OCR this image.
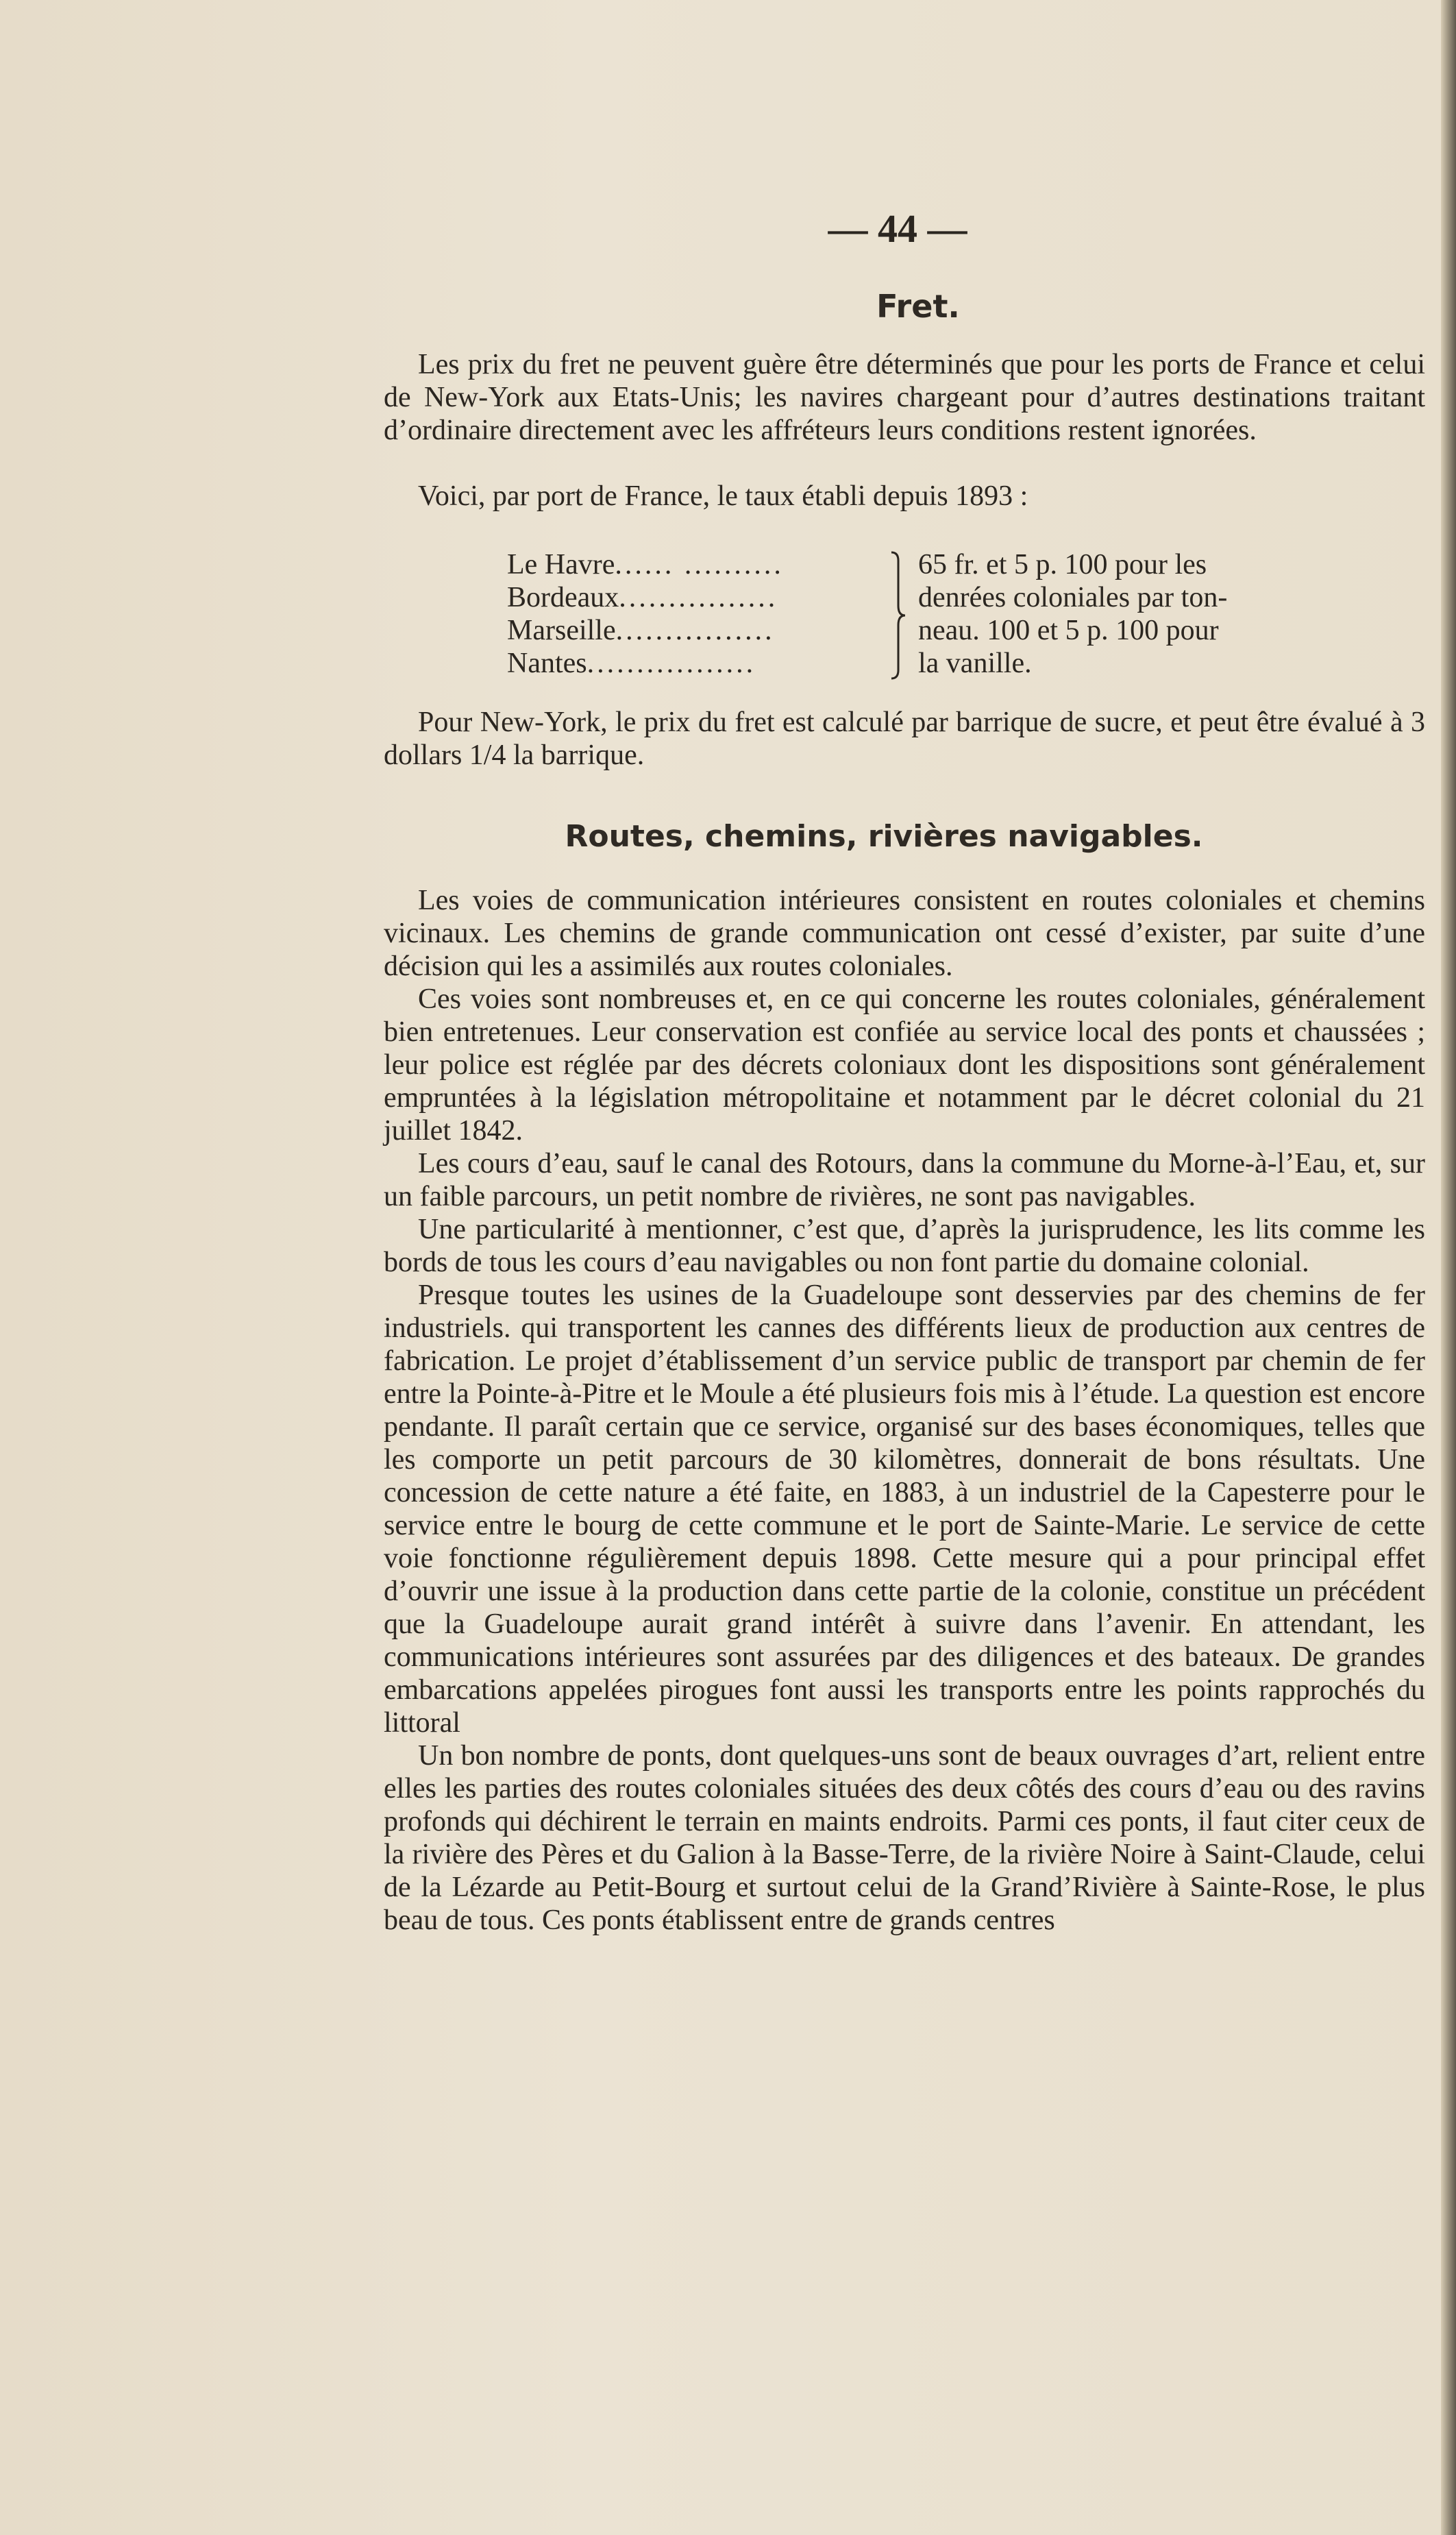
— 44 —
Fret.

Les prix du fret ne peuvent guère être déterminés que pour les ports de France et celui de New-York aux Etats-Unis; les navires chargeant pour d’autres destinations traitant d’ordinaire directement avec les affréteurs leurs conditions restent ignorées.

Voici, par port de France, le taux établi depuis 1893 :

Le Havre ...... ..........
Bordeaux ................
Marseille ................
Nantes .................
65 fr. et 5 p. 100 pour les
denrées coloniales par ton-
neau. 100 et 5 p. 100 pour
la vanille.

Pour New-York, le prix du fret est calculé par barrique de sucre, et peut être évalué à 3 dollars 1/4 la barrique.

Routes, chemins, rivières navigables.

Les voies de communication intérieures consistent en routes coloniales et chemins vicinaux. Les chemins de grande communication ont cessé d’exister, par suite d’une décision qui les a assimilés aux routes coloniales.

Ces voies sont nombreuses et, en ce qui concerne les routes coloniales, généralement bien entretenues. Leur conservation est confiée au service local des ponts et chaussées ; leur police est réglée par des décrets coloniaux dont les dispositions sont généralement empruntées à la législation métropolitaine et notamment par le décret colonial du 21 juillet 1842.

Les cours d’eau, sauf le canal des Rotours, dans la commune du Morne-à-l’Eau, et, sur un faible parcours, un petit nombre de rivières, ne sont pas navigables.

Une particularité à mentionner, c’est que, d’après la jurisprudence, les lits comme les bords de tous les cours d’eau navigables ou non font partie du domaine colonial.

Presque toutes les usines de la Guadeloupe sont desservies par des chemins de fer industriels. qui transportent les cannes des différents lieux de production aux centres de fabrication. Le projet d’établissement d’un service public de transport par chemin de fer entre la Pointe-à-Pitre et le Moule a été plusieurs fois mis à l’étude. La question est encore pendante. Il paraît certain que ce service, organisé sur des bases économiques, telles que les comporte un petit parcours de 30 kilomètres, donnerait de bons résultats. Une concession de cette nature a été faite, en 1883, à un industriel de la Capesterre pour le service entre le bourg de cette commune et le port de Sainte-Marie. Le service de cette voie fonctionne régulièrement depuis 1898. Cette mesure qui a pour principal effet d’ouvrir une issue à la production dans cette partie de la colonie, constitue un précédent que la Guadeloupe aurait grand intérêt à suivre dans l’avenir. En attendant, les communications intérieures sont assurées par des diligences et des bateaux. De grandes embarcations appelées pirogues font aussi les transports entre les points rapprochés du littoral

Un bon nombre de ponts, dont quelques-uns sont de beaux ouvrages d’art, relient entre elles les parties des routes coloniales situées des deux côtés des cours d’eau ou des ravins profonds qui déchirent le terrain en maints endroits. Parmi ces ponts, il faut citer ceux de la rivière des Pères et du Galion à la Basse-Terre, de la rivière Noire à Saint-Claude, celui de la Lézarde au Petit-Bourg et surtout celui de la Grand’Rivière à Sainte-Rose, le plus beau de tous. Ces ponts établissent entre de grands centres
